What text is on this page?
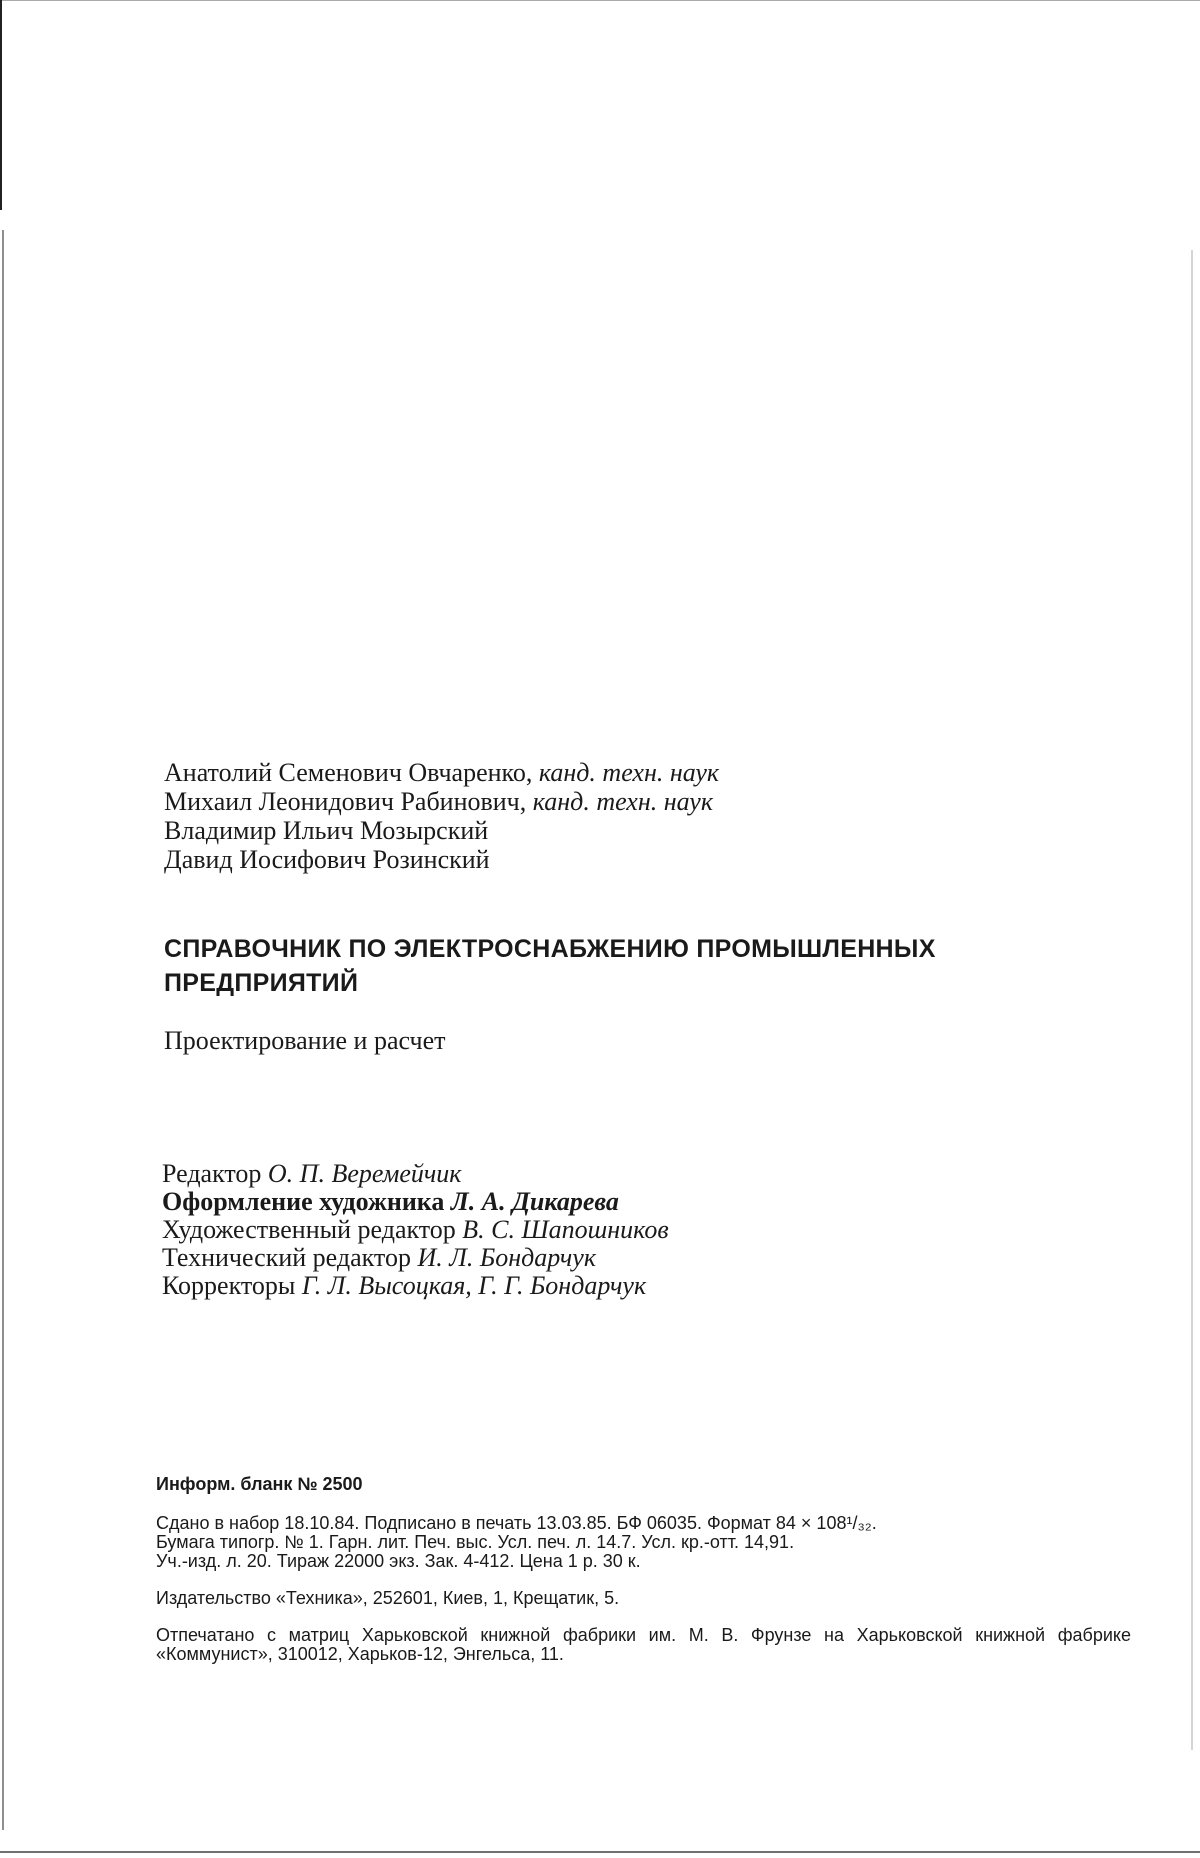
Анатолий Семенович Овчаренко, канд. техн. наук
Михаил Леонидович Рабинович, канд. техн. наук
Владимир Ильич Мозырский
Давид Иосифович Розинский
СПРАВОЧНИК ПО ЭЛЕКТРОСНАБЖЕНИЮ ПРОМЫШЛЕННЫХ ПРЕДПРИЯТИЙ
Проектирование и расчет
Редактор О. П. Веремейчик
Оформление художника Л. А. Дикарева
Художественный редактор В. С. Шапошников
Технический редактор И. Л. Бондарчук
Корректоры Г. Л. Высоцкая, Г. Г. Бондарчук
Информ. бланк № 2500
Сдано в набор 18.10.84. Подписано в печать 13.03.85. БФ 06035. Формат 84 × 108¹/₃₂.
Бумага типогр. № 1. Гарн. лит. Печ. выс. Усл. печ. л. 14.7. Усл. кр.-отт. 14,91.
Уч.-изд. л. 20. Тираж 22000 экз. Зак. 4-412. Цена 1 р. 30 к.
Издательство «Техника», 252601, Киев, 1, Крещатик, 5.
Отпечатано с матриц Харьковской книжной фабрики им. М. В. Фрунзе на Харьковской книжной фабрике «Коммунист», 310012, Харьков-12, Энгельса, 11.
